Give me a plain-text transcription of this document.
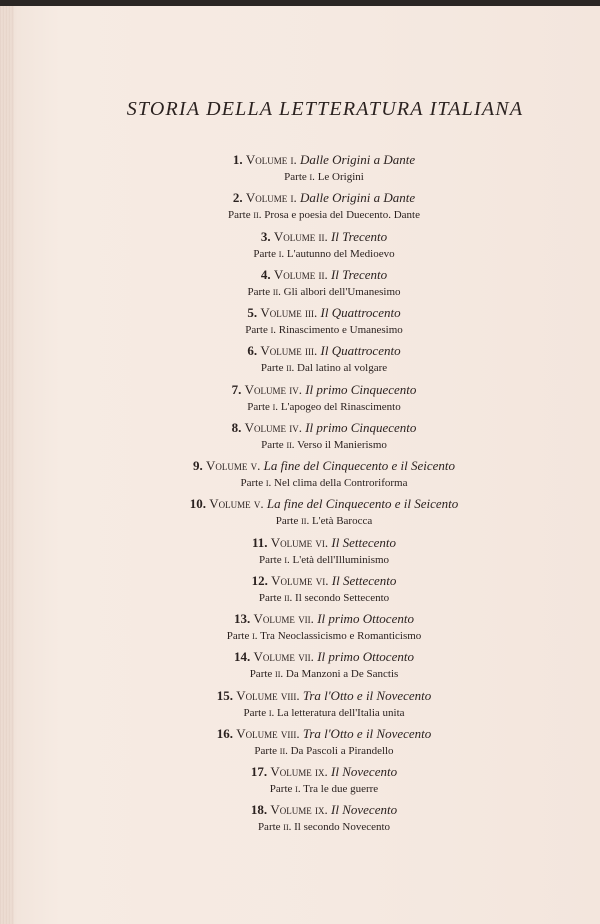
STORIA DELLA LETTERATURA ITALIANA
1. Volume i. Dalle Origini a Dante
Parte i. Le Origini
2. Volume i. Dalle Origini a Dante
Parte ii. Prosa e poesia del Duecento. Dante
3. Volume ii. Il Trecento
Parte i. L'autunno del Medioevo
4. Volume ii. Il Trecento
Parte ii. Gli albori dell'Umanesimo
5. Volume iii. Il Quattrocento
Parte i. Rinascimento e Umanesimo
6. Volume iii. Il Quattrocento
Parte ii. Dal latino al volgare
7. Volume iv. Il primo Cinquecento
Parte i. L'apogeo del Rinascimento
8. Volume iv. Il primo Cinquecento
Parte ii. Verso il Manierismo
9. Volume v. La fine del Cinquecento e il Seicento
Parte i. Nel clima della Controriforma
10. Volume v. La fine del Cinquecento e il Seicento
Parte ii. L'età Barocca
11. Volume vi. Il Settecento
Parte i. L'età dell'Illuminismo
12. Volume vi. Il Settecento
Parte ii. Il secondo Settecento
13. Volume vii. Il primo Ottocento
Parte i. Tra Neoclassicismo e Romanticismo
14. Volume vii. Il primo Ottocento
Parte ii. Da Manzoni a De Sanctis
15. Volume viii. Tra l'Otto e il Novecento
Parte i. La letteratura dell'Italia unita
16. Volume viii. Tra l'Otto e il Novecento
Parte ii. Da Pascoli a Pirandello
17. Volume ix. Il Novecento
Parte i. Tra le due guerre
18. Volume ix. Il Novecento
Parte ii. Il secondo Novecento
